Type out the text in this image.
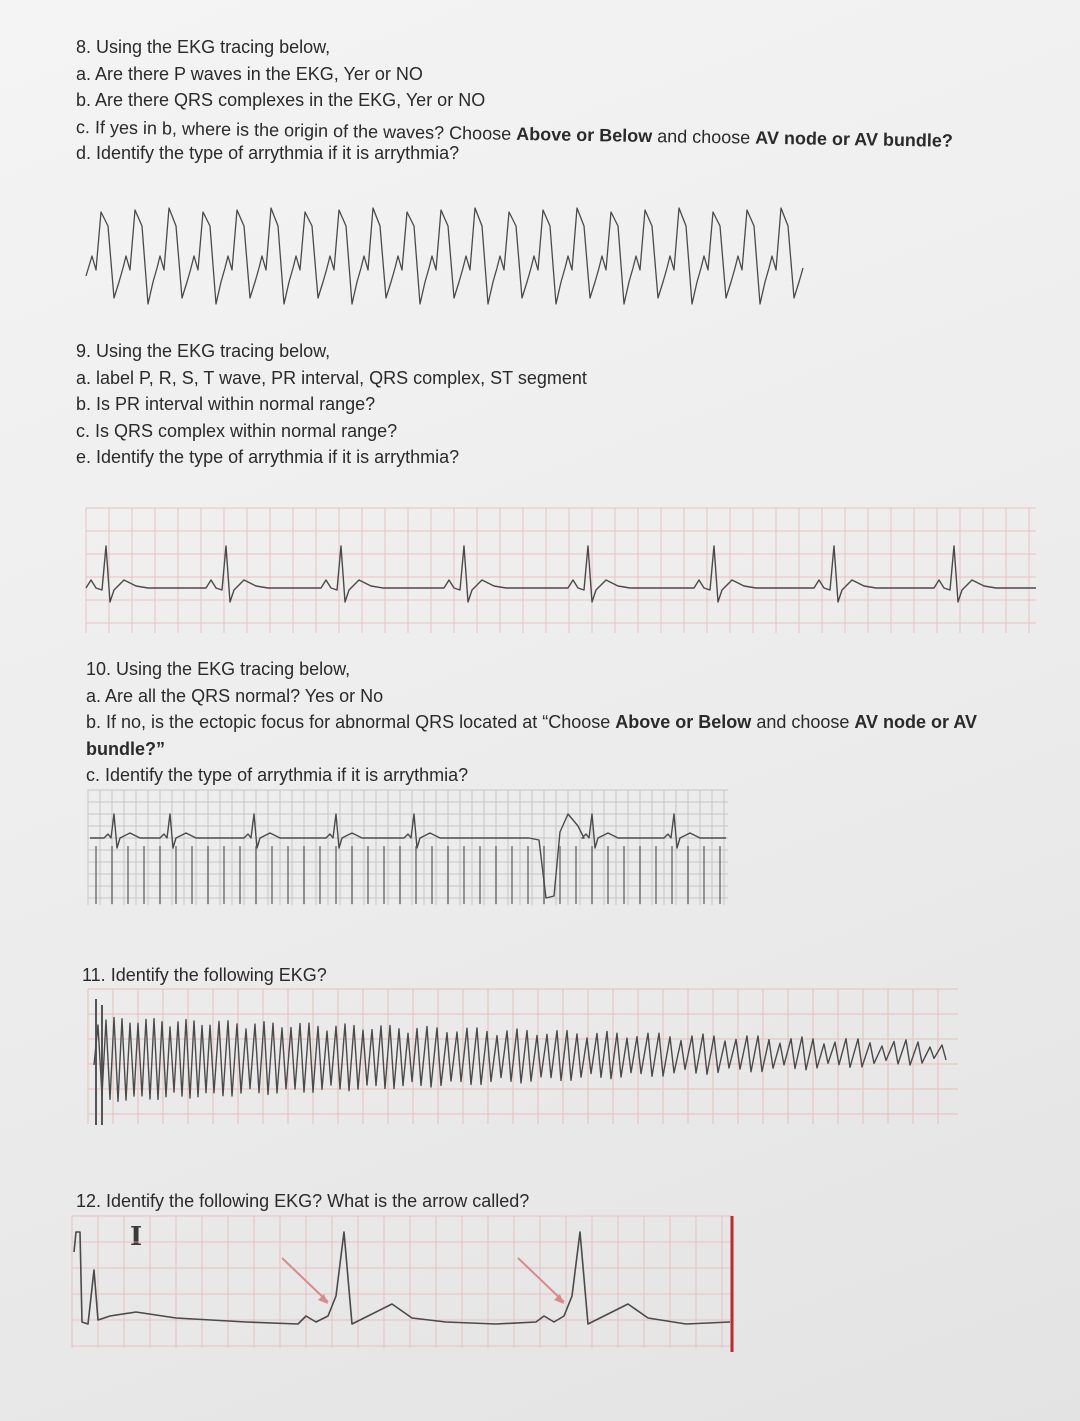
8. Using the EKG tracing below,
a. Are there P waves in the EKG, Yer or NO
b. Are there QRS complexes in the EKG, Yer or NO
c. If yes in b, where is the origin of the waves? Choose Above or Below and choose AV node or AV bundle?
d. Identify the type of arrythmia if it is arrythmia?
9. Using the EKG tracing below,
a. label P, R, S, T wave, PR interval, QRS complex, ST segment
b. Is PR interval within normal range?
c. Is QRS complex within normal range?
e. Identify the type of arrythmia if it is arrythmia?
10. Using the EKG tracing below,
a. Are all the QRS normal? Yes or No
b. If no, is the ectopic focus for abnormal QRS located at “Choose Above or Below and choose AV node or AV bundle?”
c. Identify the type of arrythmia if it is arrythmia?
11. Identify the following EKG?
12. Identify the following EKG? What is the arrow called?
I
